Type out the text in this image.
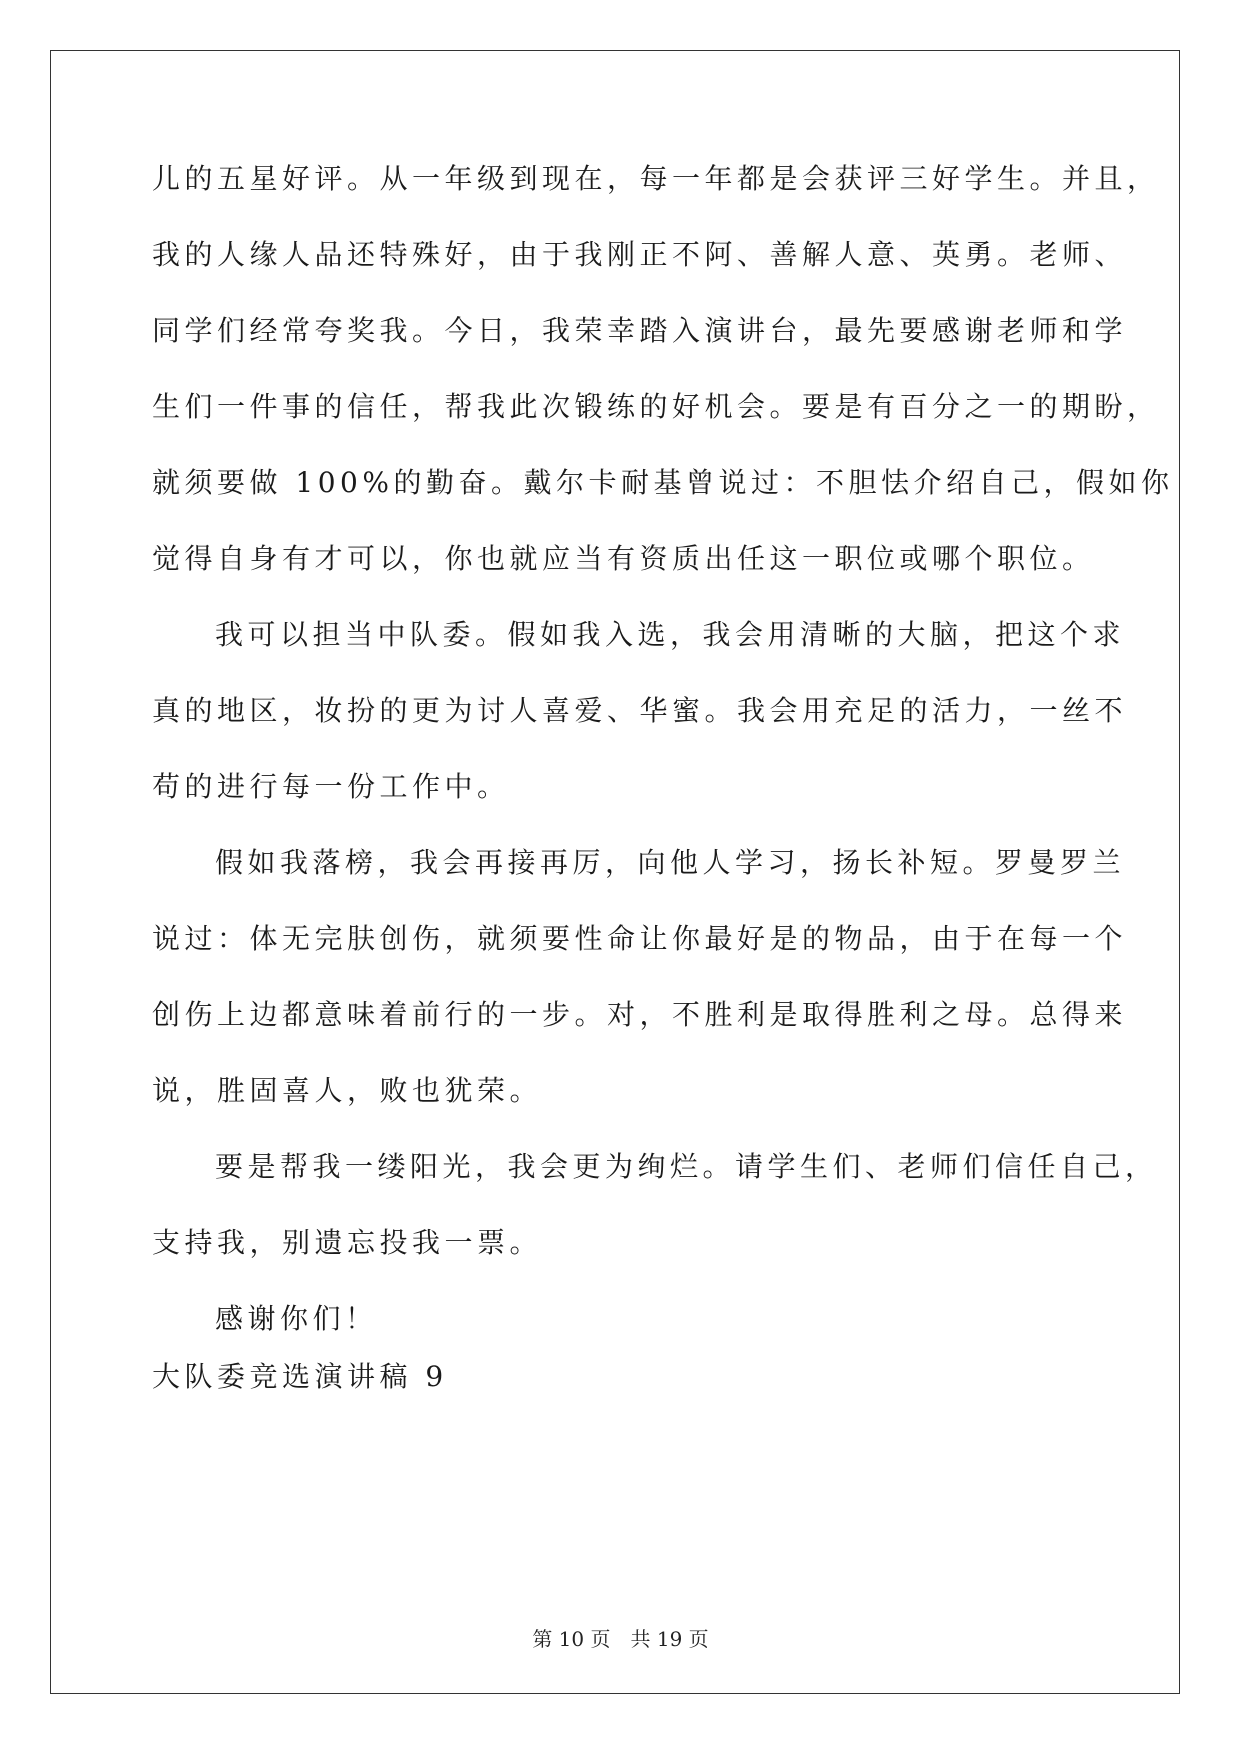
儿的五星好评。从一年级到现在，每一年都是会获评三好学生。并且，
我的人缘人品还特殊好，由于我刚正不阿、善解人意、英勇。老师、
同学们经常夸奖我。今日，我荣幸踏入演讲台，最先要感谢老师和学
生们一件事的信任，帮我此次锻练的好机会。要是有百分之一的期盼，
就须要做 100%的勤奋。戴尔卡耐基曾说过：不胆怯介绍自己，假如你
觉得自身有才可以，你也就应当有资质出任这一职位或哪个职位。
我可以担当中队委。假如我入选，我会用清晰的大脑，把这个求
真的地区，妆扮的更为讨人喜爱、华蜜。我会用充足的活力，一丝不
苟的进行每一份工作中。
假如我落榜，我会再接再厉，向他人学习，扬长补短。罗曼罗兰
说过：体无完肤创伤，就须要性命让你最好是的物品，由于在每一个
创伤上边都意味着前行的一步。对，不胜利是取得胜利之母。总得来
说，胜固喜人，败也犹荣。
要是帮我一缕阳光，我会更为绚烂。请学生们、老师们信任自己，
支持我，别遗忘投我一票。
感谢你们！
大队委竞选演讲稿 9
第 10 页 共 19 页
